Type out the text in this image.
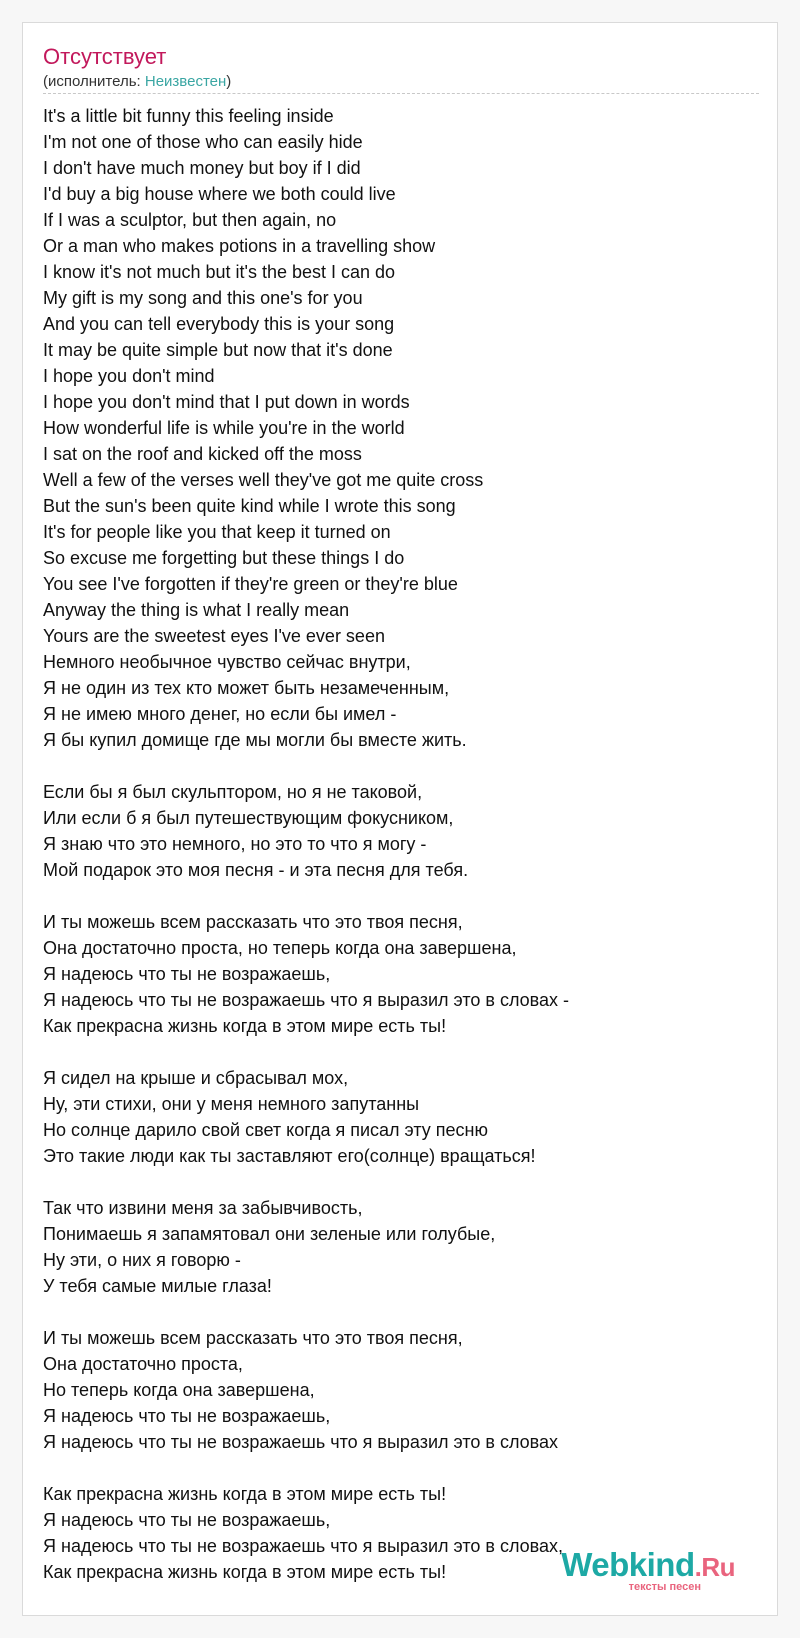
Отсутствует
(исполнитель: Неизвестен)
It's a little bit funny this feeling inside
I'm not one of those who can easily hide
I don't have much money but boy if I did
I'd buy a big house where we both could live
If I was a sculptor, but then again, no
Or a man who makes potions in a travelling show
I know it's not much but it's the best I can do
My gift is my song and this one's for you
And you can tell everybody this is your song
It may be quite simple but now that it's done
I hope you don't mind
I hope you don't mind that I put down in words
How wonderful life is while you're in the world
I sat on the roof and kicked off the moss
Well a few of the verses well they've got me quite cross
But the sun's been quite kind while I wrote this song
It's for people like you that keep it turned on
So excuse me forgetting but these things I do
You see I've forgotten if they're green or they're blue
Anyway the thing is what I really mean
Yours are the sweetest eyes I've ever seen
Немного необычное чувство сейчас внутри,
Я не один из тех кто может быть незамеченным,
Я не имею много денег, но если бы имел -
Я бы купил домище где мы могли бы вместе жить.
Если бы я был скульптором, но я не таковой,
Или если б я был путешествующим фокусником,
Я знаю что это немного, но это то что я могу -
Мой подарок это моя песня - и эта песня для тебя.
И ты можешь всем рассказать что это твоя песня,
Она достаточно проста, но теперь когда она завершена,
Я надеюсь что ты не возражаешь,
Я надеюсь что ты не возражаешь что я выразил это в словах -
Как прекрасна жизнь когда в этом мире есть ты!
Я сидел на крыше и сбрасывал мох,
Ну, эти стихи, они у меня немного запутанны
Но солнце дарило свой свет когда я писал эту песню
Это такие люди как ты заставляют его(солнце) вращаться!
Так что извини меня за забывчивость,
Понимаешь я запамятовал они зеленые или голубые,
Ну эти, о них я говорю -
У тебя самые милые глаза!
И ты можешь всем рассказать что это твоя песня,
Она достаточно проста,
Но теперь когда она завершена,
Я надеюсь что ты не возражаешь,
Я надеюсь что ты не возражаешь что я выразил это в словах
Как прекрасна жизнь когда в этом мире есть ты!
Я надеюсь что ты не возражаешь,
Я надеюсь что ты не возражаешь что я выразил это в словах,
Как прекрасна жизнь когда в этом мире есть ты!	Webkind.Ru
тексты песен
